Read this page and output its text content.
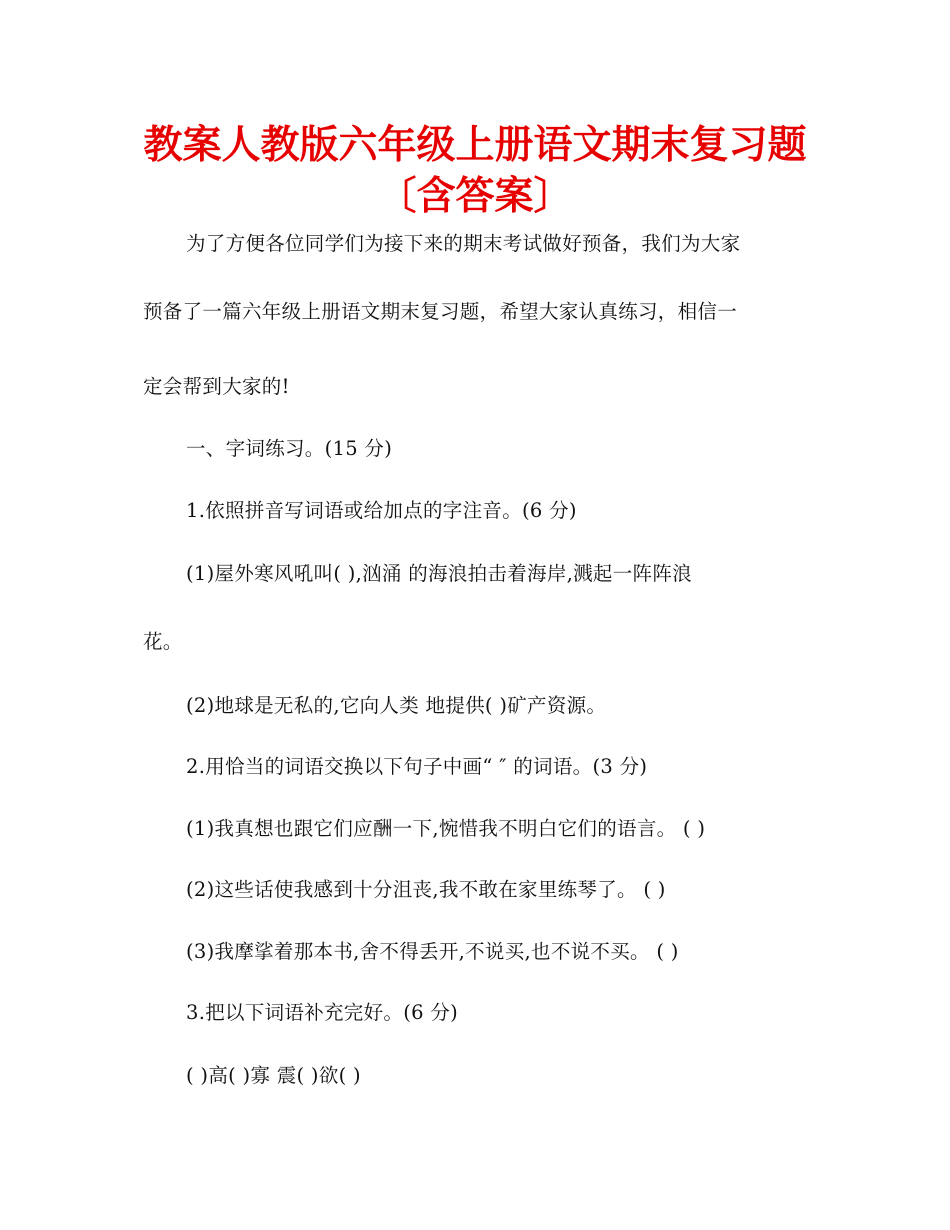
教案人教版六年级上册语文期末复习题
〔含答案〕
为了方便各位同学们为接下来的期末考试做好预备，我们为大家
预备了一篇六年级上册语文期末复习题，希望大家认真练习，相信一
定会帮到大家的!
一、字词练习。(15 分)
1.依照拼音写词语或给加点的字注音。(6 分)
(1)屋外寒风吼叫( ),汹涌 的海浪拍击着海岸,溅起一阵阵浪
花。
(2)地球是无私的,它向人类 地提供( )矿产资源。
2.用恰当的词语交换以下句子中画“ ″ 的词语。(3 分)
(1)我真想也跟它们应酬一下,惋惜我不明白它们的语言。 ( )
(2)这些话使我感到十分沮丧,我不敢在家里练琴了。 ( )
(3)我摩挲着那本书,舍不得丢开,不说买,也不说不买。 ( )
3.把以下词语补充完好。(6 分)
( )高( )寡 震( )欲( )
